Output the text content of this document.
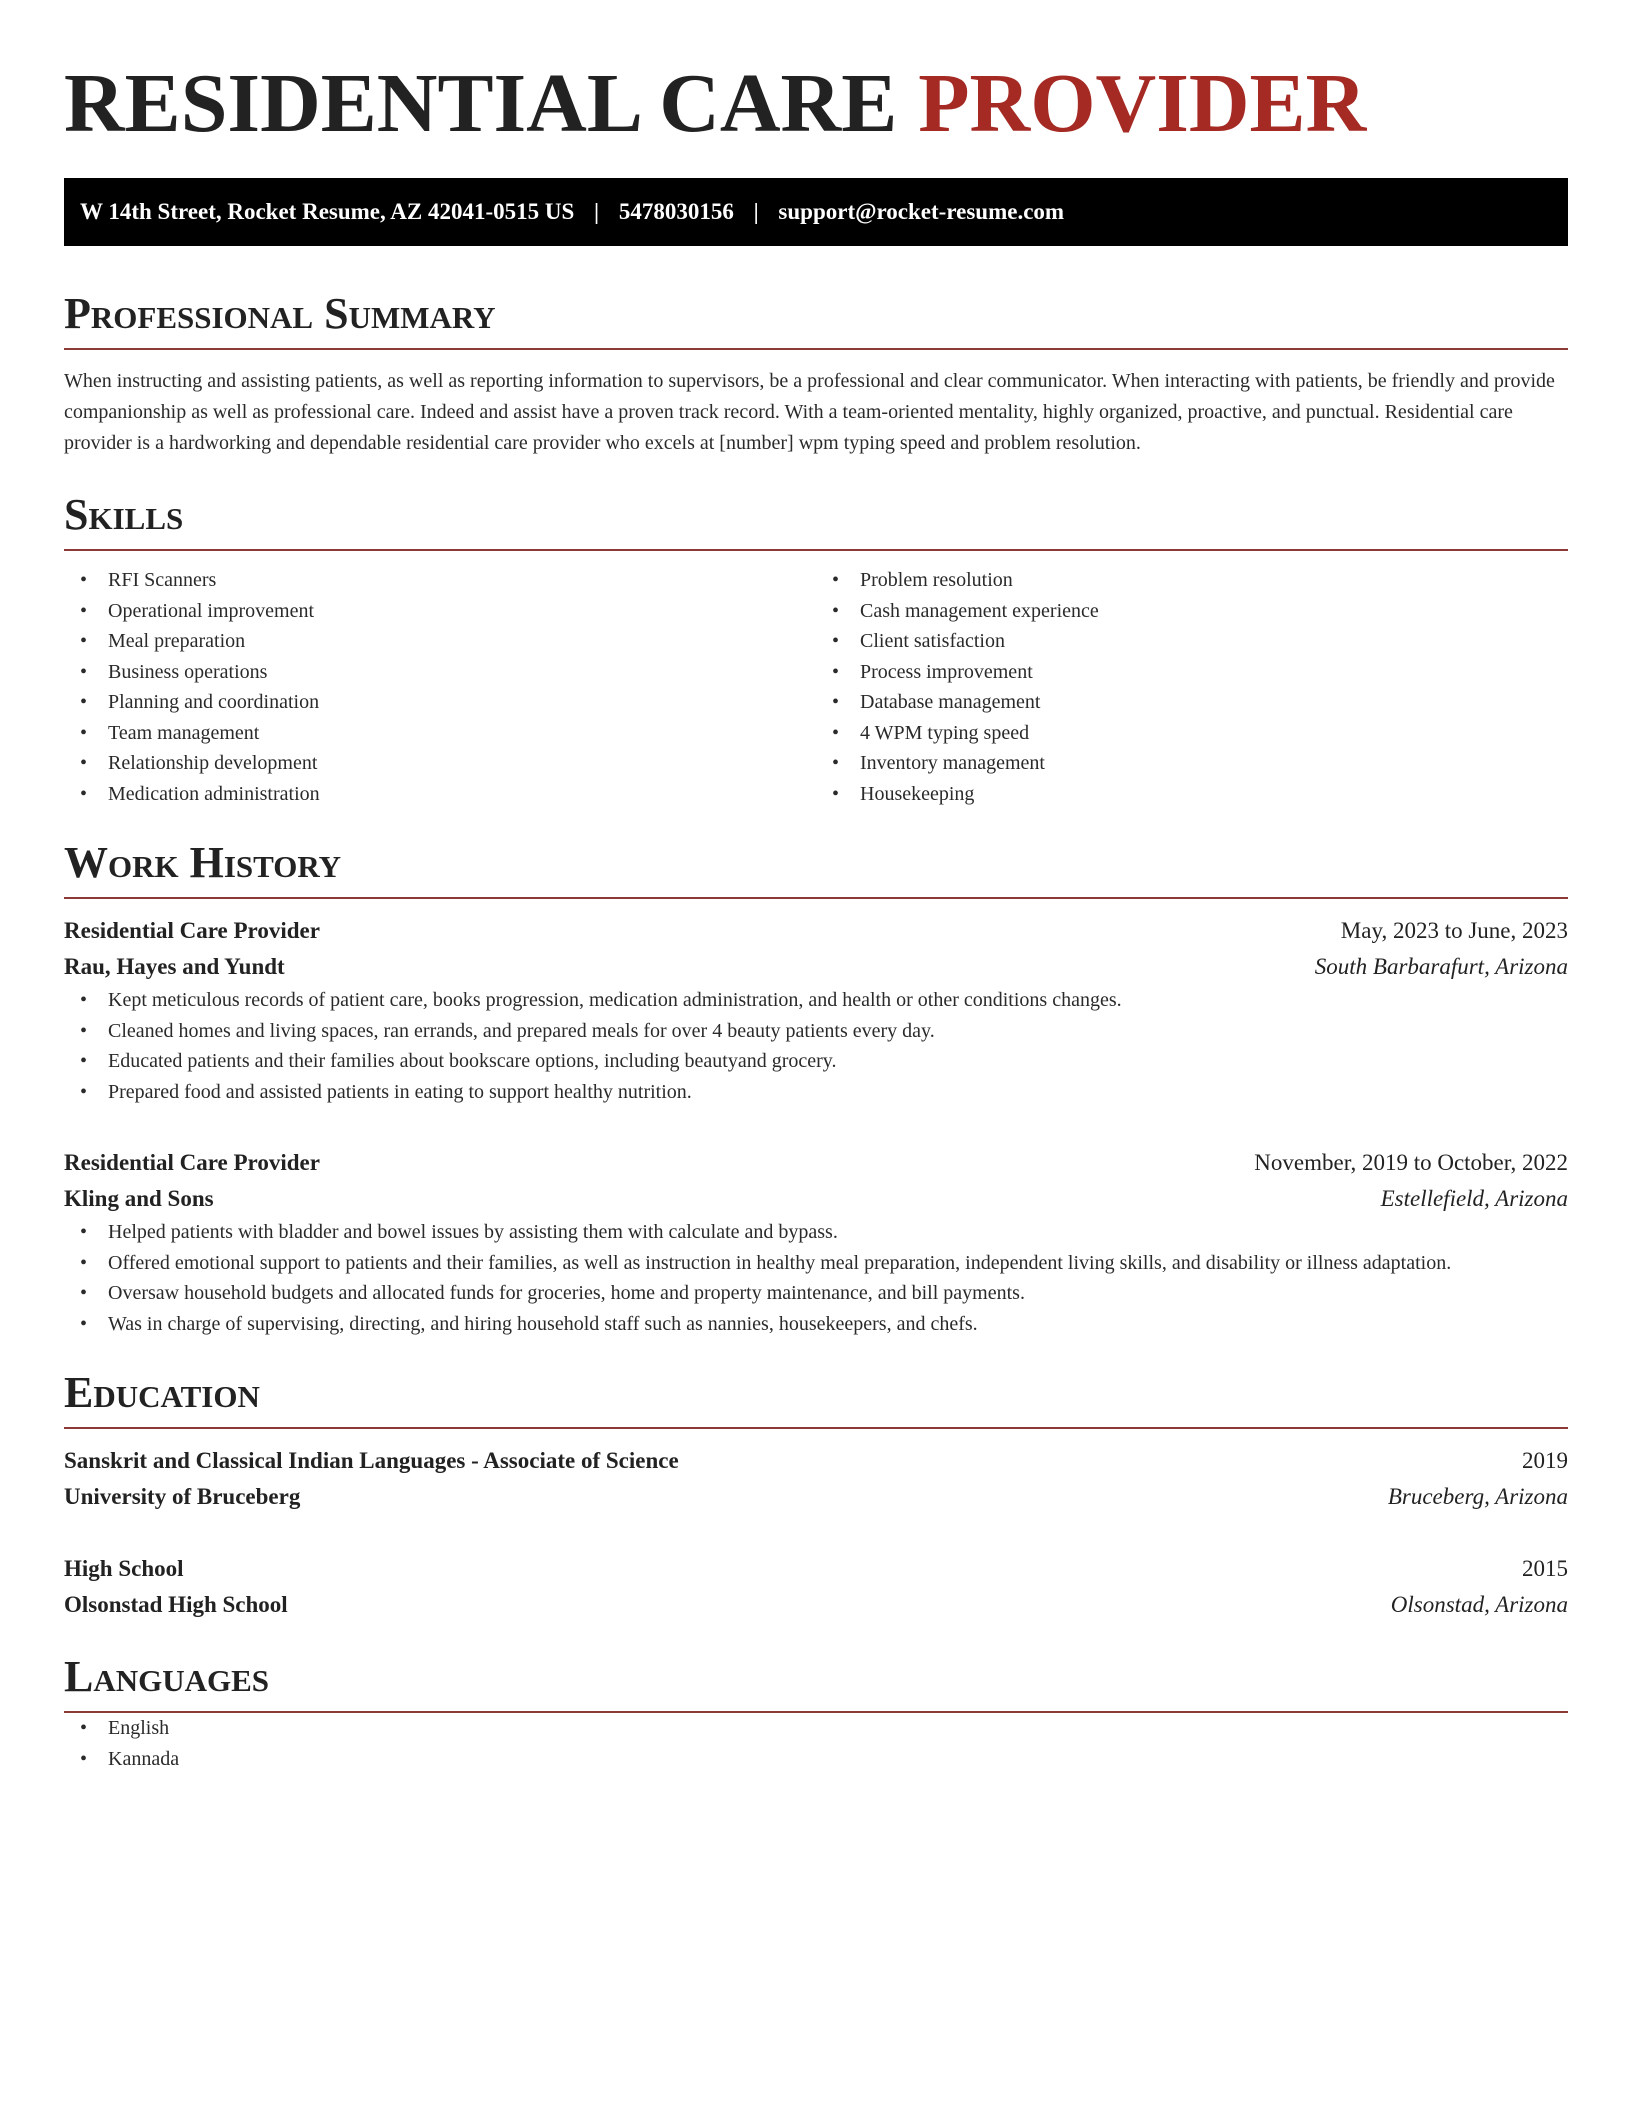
RESIDENTIAL CARE PROVIDER
W 14th Street, Rocket Resume, AZ 42041-0515 US | 5478030156 | support@rocket-resume.com
Professional Summary

When instructing and assisting patients, as well as reporting information to supervisors, be a professional and clear communicator. When interacting with patients, be friendly and provide companionship as well as professional care. Indeed and assist have a proven track record. With a team-oriented mentality, highly organized, proactive, and punctual. Residential care provider is a hardworking and dependable residential care provider who excels at [number] wpm typing speed and problem resolution.

Skills
• RFI Scanners
• Operational improvement
• Meal preparation
• Business operations
• Planning and coordination
• Team management
• Relationship development
• Medication administration
• Problem resolution
• Cash management experience
• Client satisfaction
• Process improvement
• Database management
• 4 WPM typing speed
• Inventory management
• Housekeeping
Work History
Residential Care Provider	May, 2023 to June, 2023
Rau, Hayes and Yundt	South Barbarafurt, Arizona
• Kept meticulous records of patient care, books progression, medication administration, and health or other conditions changes.
• Cleaned homes and living spaces, ran errands, and prepared meals for over 4 beauty patients every day.
• Educated patients and their families about bookscare options, including beautyand grocery.
• Prepared food and assisted patients in eating to support healthy nutrition.
Residential Care Provider	November, 2019 to October, 2022
Kling and Sons	Estellefield, Arizona
• Helped patients with bladder and bowel issues by assisting them with calculate and bypass.
• Offered emotional support to patients and their families, as well as instruction in healthy meal preparation, independent living skills, and disability or illness adaptation.
• Oversaw household budgets and allocated funds for groceries, home and property maintenance, and bill payments.
• Was in charge of supervising, directing, and hiring household staff such as nannies, housekeepers, and chefs.
Education
Sanskrit and Classical Indian Languages - Associate of Science	2019
University of Bruceberg	Bruceberg, Arizona
High School	2015
Olsonstad High School	Olsonstad, Arizona
Languages
• English
• Kannada
